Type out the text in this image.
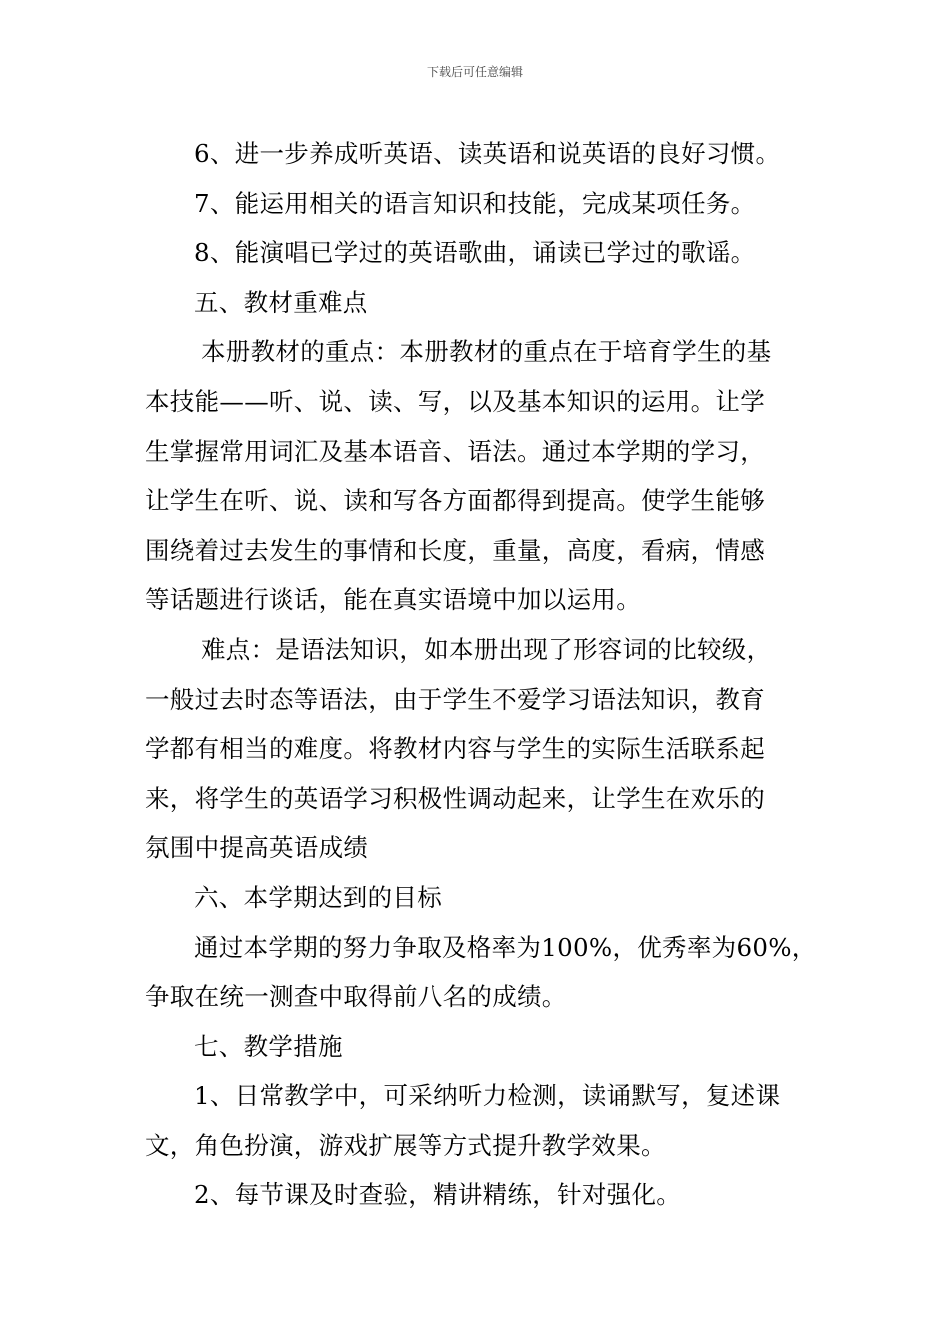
下载后可任意编辑

6、进一步养成听英语、读英语和说英语的良好习惯。

7、能运用相关的语言知识和技能，完成某项任务。

8、能演唱已学过的英语歌曲，诵读已学过的歌谣。

五、教材重难点

本册教材的重点：本册教材的重点在于培育学生的基

本技能——听、说、读、写，以及基本知识的运用。让学

生掌握常用词汇及基本语音、语法。通过本学期的学习，

让学生在听、说、读和写各方面都得到提高。使学生能够

围绕着过去发生的事情和长度，重量，高度，看病，情感

等话题进行谈话，能在真实语境中加以运用。

难点：是语法知识，如本册出现了形容词的比较级，

一般过去时态等语法，由于学生不爱学习语法知识，教育

学都有相当的难度。将教材内容与学生的实际生活联系起

来，将学生的英语学习积极性调动起来，让学生在欢乐的

氛围中提高英语成绩

六、本学期达到的目标

通过本学期的努力争取及格率为100%，优秀率为60%，

争取在统一测查中取得前八名的成绩。

七、教学措施

1、日常教学中，可采纳听力检测，读诵默写，复述课

文，角色扮演，游戏扩展等方式提升教学效果。

2、每节课及时查验，精讲精练，针对强化。
